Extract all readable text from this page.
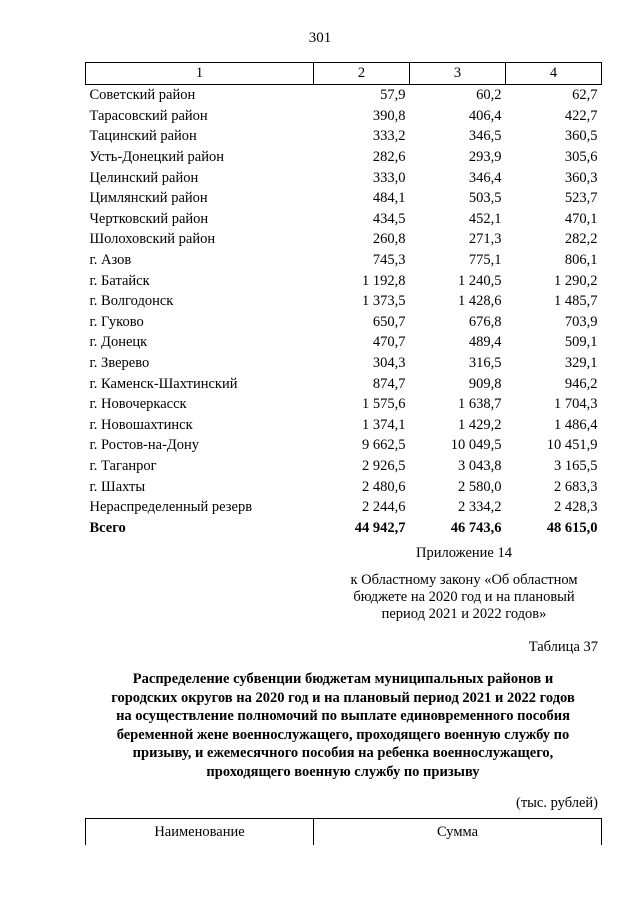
301
1	2	3	4
Советский район	57,9	60,2	62,7
Тарасовский район	390,8	406,4	422,7
Тацинский район	333,2	346,5	360,5
Усть-Донецкий район	282,6	293,9	305,6
Целинский район	333,0	346,4	360,3
Цимлянский район	484,1	503,5	523,7
Чертковский район	434,5	452,1	470,1
Шолоховский район	260,8	271,3	282,2
г. Азов	745,3	775,1	806,1
г. Батайск	1 192,8	1 240,5	1 290,2
г. Волгодонск	1 373,5	1 428,6	1 485,7
г. Гуково	650,7	676,8	703,9
г. Донецк	470,7	489,4	509,1
г. Зверево	304,3	316,5	329,1
г. Каменск-Шахтинский	874,7	909,8	946,2
г. Новочеркасск	1 575,6	1 638,7	1 704,3
г. Новошахтинск	1 374,1	1 429,2	1 486,4
г. Ростов-на-Дону	9 662,5	10 049,5	10 451,9
г. Таганрог	2 926,5	3 043,8	3 165,5
г. Шахты	2 480,6	2 580,0	2 683,3
Нераспределенный резерв	2 244,6	2 334,2	2 428,3
Всего	44 942,7	46 743,6	48 615,0
Приложение 14
к Областному закону «Об областном
бюджете на 2020 год и на плановый
период 2021 и 2022 годов»
Таблица 37
Распределение субвенции бюджетам муниципальных районов и
городских округов на 2020 год и на плановый период 2021 и 2022 годов
на осуществление полномочий по выплате единовременного пособия
беременной жене военнослужащего, проходящего военную службу по
призыву, и ежемесячного пособия на ребенка военнослужащего,
проходящего военную службу по призыву
(тыс. рублей)
Наименование	Сумма
